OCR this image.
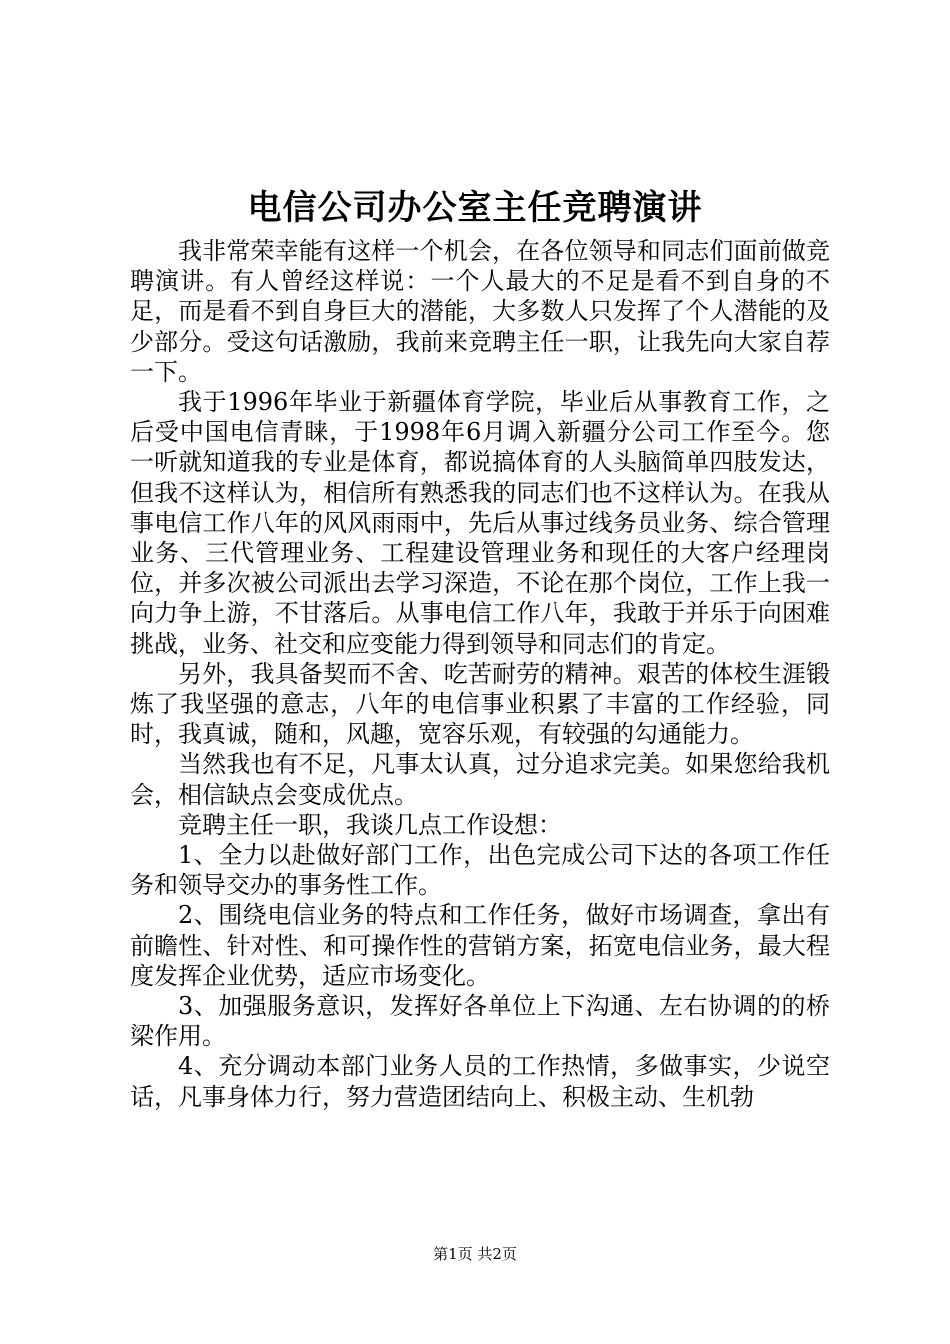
电信公司办公室主任竞聘演讲

我非常荣幸能有这样一个机会，在各位领导和同志们面前做竞聘演讲。有人曾经这样说：一个人最大的不足是看不到自身的不足，而是看不到自身巨大的潜能，大多数人只发挥了个人潜能的及少部分。受这句话激励，我前来竞聘主任一职，让我先向大家自荐一下。

我于1996年毕业于新疆体育学院，毕业后从事教育工作，之后受中国电信青睐，于1998年6月调入新疆分公司工作至今。您一听就知道我的专业是体育，都说搞体育的人头脑简单四肢发达，但我不这样认为，相信所有熟悉我的同志们也不这样认为。在我从事电信工作八年的风风雨雨中，先后从事过线务员业务、综合管理业务、三代管理业务、工程建设管理业务和现任的大客户经理岗位，并多次被公司派出去学习深造，不论在那个岗位，工作上我一向力争上游，不甘落后。从事电信工作八年，我敢于并乐于向困难挑战，业务、社交和应变能力得到领导和同志们的肯定。

另外，我具备契而不舍、吃苦耐劳的精神。艰苦的体校生涯锻炼了我坚强的意志，八年的电信事业积累了丰富的工作经验，同时，我真诚，随和，风趣，宽容乐观，有较强的勾通能力。

当然我也有不足，凡事太认真，过分追求完美。如果您给我机会，相信缺点会变成优点。

竞聘主任一职，我谈几点工作设想：

1、全力以赴做好部门工作，出色完成公司下达的各项工作任务和领导交办的事务性工作。

2、围绕电信业务的特点和工作任务，做好市场调查，拿出有前瞻性、针对性、和可操作性的营销方案，拓宽电信业务，最大程度发挥企业优势，适应市场变化。

3、加强服务意识，发挥好各单位上下沟通、左右协调的的桥梁作用。

4、充分调动本部门业务人员的工作热情，多做事实，少说空话，凡事身体力行，努力营造团结向上、积极主动、生机勃

第1页 共2页
